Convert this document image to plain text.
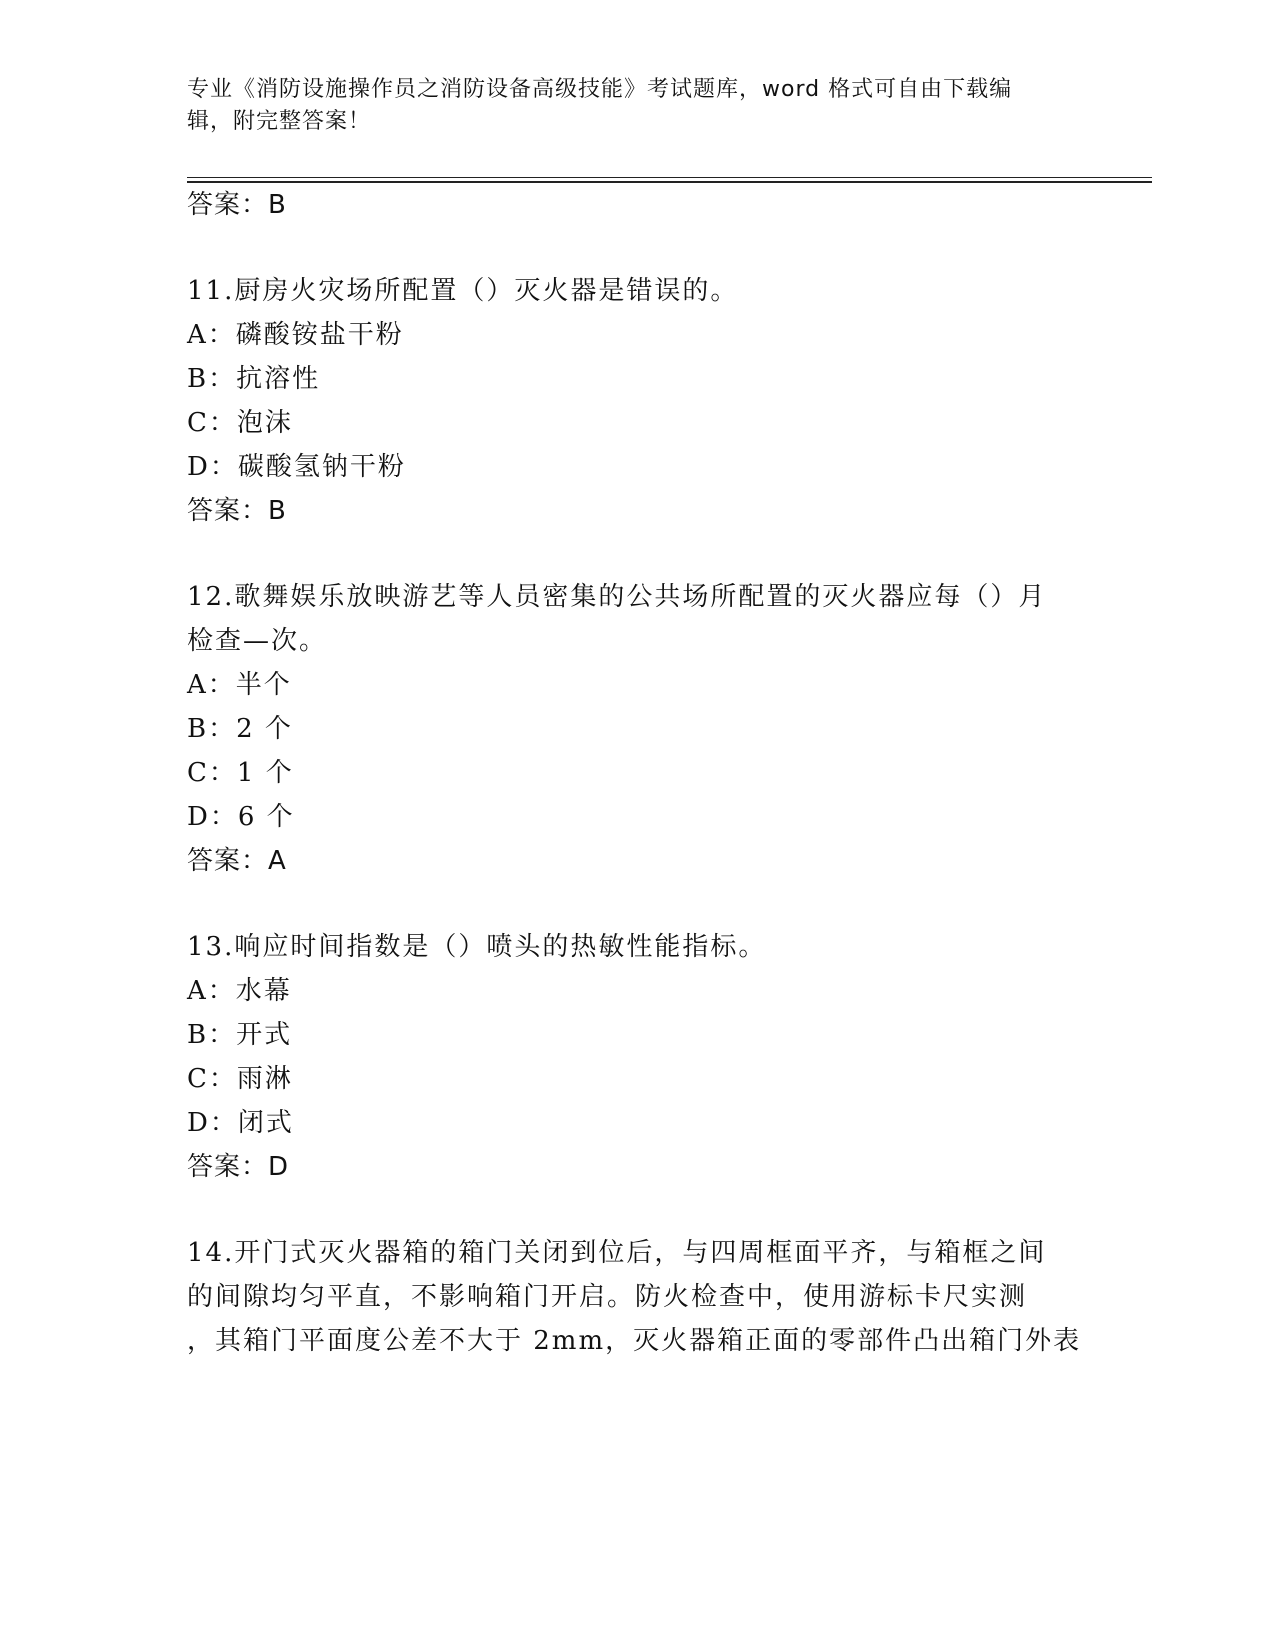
专业《消防设施操作员之消防设备高级技能》考试题库，word 格式可自由下载编
辑，附完整答案！
答案：B
11.厨房火灾场所配置（）灭火器是错误的。
A：磷酸铵盐干粉
B：抗溶性
C：泡沫
D：碳酸氢钠干粉
答案：B
12.歌舞娱乐放映游艺等人员密集的公共场所配置的灭火器应每（）月
检查—次。
A：半个
B：2 个
C：1 个
D：6 个
答案：A
13.响应时间指数是（）喷头的热敏性能指标。
A：水幕
B：开式
C：雨淋
D：闭式
答案：D
14.开门式灭火器箱的箱门关闭到位后，与四周框面平齐，与箱框之间
的间隙均匀平直，不影响箱门开启。防火检查中，使用游标卡尺实测
，其箱门平面度公差不大于 2mm，灭火器箱正面的零部件凸出箱门外表
